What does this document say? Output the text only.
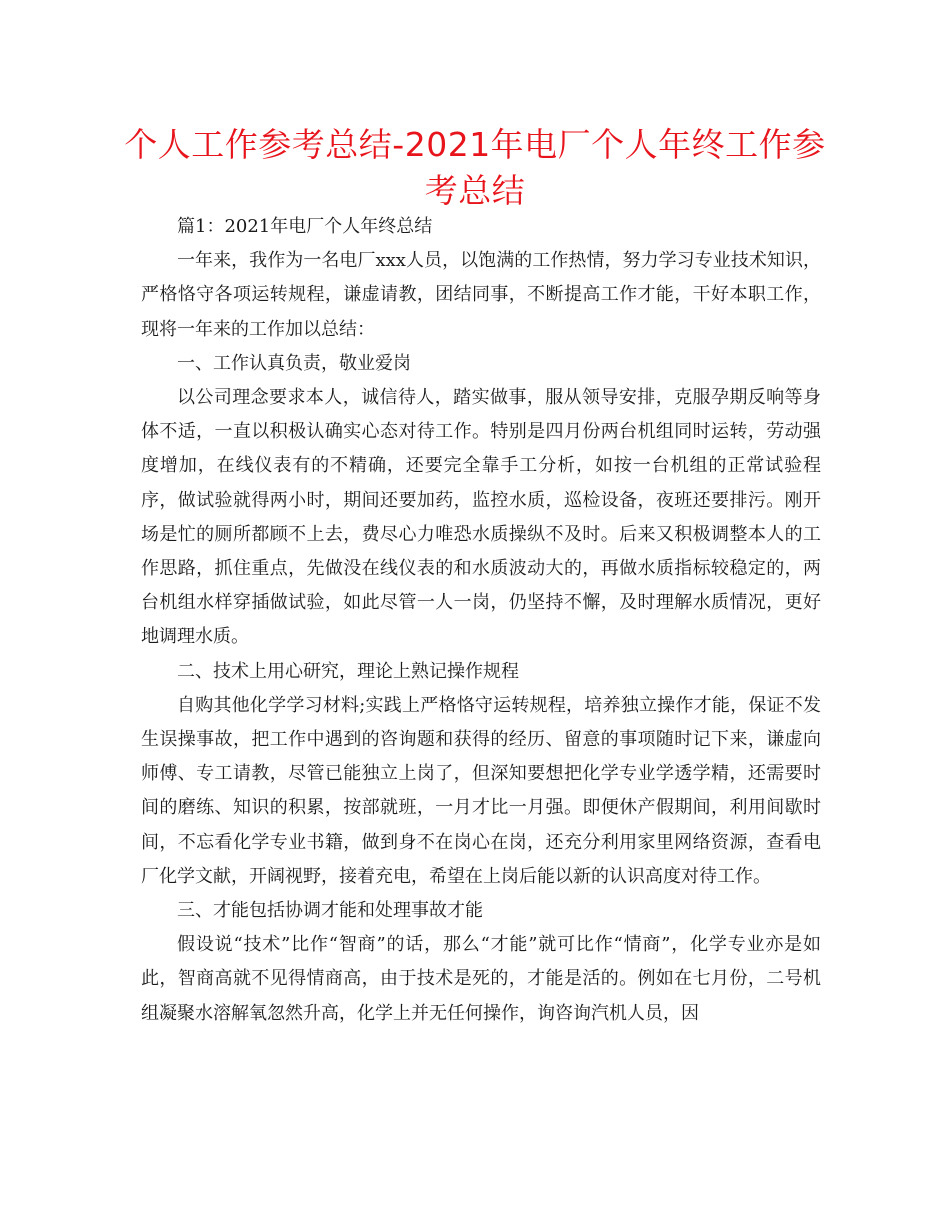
个人工作参考总结-2021年电厂个人年终工作参考总结

篇1：2021年电厂个人年终总结

一年来，我作为一名电厂xxx人员，以饱满的工作热情，努力学习专业技术知识，严格恪守各项运转规程，谦虚请教，团结同事，不断提高工作才能，干好本职工作，现将一年来的工作加以总结：

一、工作认真负责，敬业爱岗

以公司理念要求本人，诚信待人，踏实做事，服从领导安排，克服孕期反响等身体不适，一直以积极认确实心态对待工作。特别是四月份两台机组同时运转，劳动强度增加，在线仪表有的不精确，还要完全靠手工分析，如按一台机组的正常试验程序，做试验就得两小时，期间还要加药，监控水质，巡检设备，夜班还要排污。刚开场是忙的厕所都顾不上去，费尽心力唯恐水质操纵不及时。后来又积极调整本人的工作思路，抓住重点，先做没在线仪表的和水质波动大的，再做水质指标较稳定的，两台机组水样穿插做试验，如此尽管一人一岗，仍坚持不懈，及时理解水质情况，更好地调理水质。

二、技术上用心研究，理论上熟记操作规程

自购其他化学学习材料;实践上严格恪守运转规程，培养独立操作才能，保证不发生误操事故，把工作中遇到的咨询题和获得的经历、留意的事项随时记下来，谦虚向师傅、专工请教，尽管已能独立上岗了，但深知要想把化学专业学透学精，还需要时间的磨练、知识的积累，按部就班，一月才比一月强。即便休产假期间，利用间歇时间，不忘看化学专业书籍，做到身不在岗心在岗，还充分利用家里网络资源，查看电厂化学文献，开阔视野，接着充电，希望在上岗后能以新的认识高度对待工作。

三、才能包括协调才能和处理事故才能

假设说“技术”比作“智商”的话，那么“才能”就可比作“情商”，化学专业亦是如此，智商高就不见得情商高，由于技术是死的，才能是活的。例如在七月份，二号机组凝聚水溶解氧忽然升高，化学上并无任何操作，询咨询汽机人员，因
